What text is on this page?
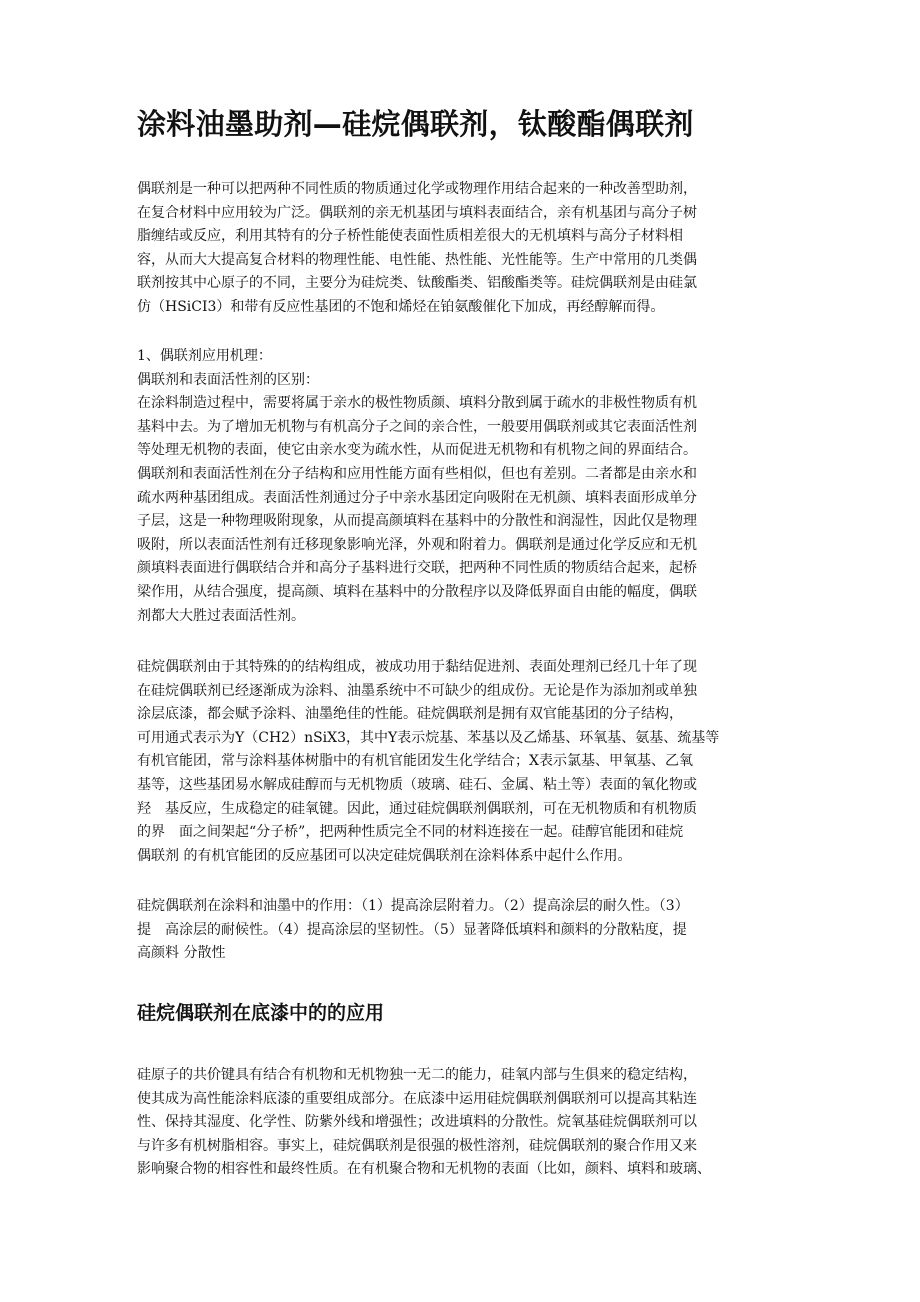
涂料油墨助剂—硅烷偶联剂，钛酸酯偶联剂
偶联剂是一种可以把两种不同性质的物质通过化学或物理作用结合起来的一种改善型助剂，
在复合材料中应用较为广泛。偶联剂的亲无机基团与填料表面结合，亲有机基团与高分子树
脂缠结或反应，利用其特有的分子桥性能使表面性质相差很大的无机填料与高分子材料相
容，从而大大提高复合材料的物理性能、电性能、热性能、光性能等。生产中常用的几类偶
联剂按其中心原子的不同，主要分为硅烷类、钛酸酯类、铝酸酯类等。硅烷偶联剂是由硅氯
仿（HSiCI3）和带有反应性基团的不饱和烯烃在铂氨酸催化下加成，再经醇解而得。
1、偶联剂应用机理：
偶联剂和表面活性剂的区别：
在涂料制造过程中，需要将属于亲水的极性物质颜、填料分散到属于疏水的非极性物质有机
基料中去。为了增加无机物与有机高分子之间的亲合性，一般要用偶联剂或其它表面活性剂
等处理无机物的表面，使它由亲水变为疏水性，从而促进无机物和有机物之间的界面结合。
偶联剂和表面活性剂在分子结构和应用性能方面有些相似，但也有差别。二者都是由亲水和
疏水两种基团组成。表面活性剂通过分子中亲水基团定向吸附在无机颜、填料表面形成单分
子层，这是一种物理吸附现象，从而提高颜填料在基料中的分散性和润湿性，因此仅是物理
吸附，所以表面活性剂有迁移现象影响光泽，外观和附着力。偶联剂是通过化学反应和无机
颜填料表面进行偶联结合并和高分子基料进行交联，把两种不同性质的物质结合起来，起桥
梁作用，从结合强度，提高颜、填料在基料中的分散程序以及降低界面自由能的幅度，偶联
剂都大大胜过表面活性剂。
硅烷偶联剂由于其特殊的的结构组成，被成功用于黏结促进剂、表面处理剂已经几十年了现
在硅烷偶联剂已经逐渐成为涂料、油墨系统中不可缺少的组成份。无论是作为添加剂或单独
涂层底漆，都会赋予涂料、油墨绝佳的性能。硅烷偶联剂是拥有双官能基团的分子结构，
可用通式表示为Y（CH2）nSiX3，其中Y表示烷基、苯基以及乙烯基、环氧基、氨基、巯基等
有机官能团，常与涂料基体树脂中的有机官能团发生化学结合；X表示氯基、甲氧基、乙氧
基等，这些基团易水解成硅醇而与无机物质（玻璃、硅石、金属、粘土等）表面的氧化物或
羟　基反应，生成稳定的硅氧键。因此，通过硅烷偶联剂偶联剂，可在无机物质和有机物质
的界　面之间架起“分子桥”，把两种性质完全不同的材料连接在一起。硅醇官能团和硅烷
偶联剂 的有机官能团的反应基团可以决定硅烷偶联剂在涂料体系中起什么作用。
硅烷偶联剂在涂料和油墨中的作用：（1）提高涂层附着力。（2）提高涂层的耐久性。（3）
提　高涂层的耐候性。（4）提高涂层的坚韧性。（5）显著降低填料和颜料的分散粘度，提
高颜料 分散性
硅烷偶联剂在底漆中的的应用
硅原子的共价键具有结合有机物和无机物独一无二的能力，硅氧内部与生俱来的稳定结构，
使其成为高性能涂料底漆的重要组成部分。在底漆中运用硅烷偶联剂偶联剂可以提高其粘连
性、保持其湿度、化学性、防紫外线和增强性；改进填料的分散性。烷氧基硅烷偶联剂可以
与许多有机树脂相容。事实上，硅烷偶联剂是很强的极性溶剂，硅烷偶联剂的聚合作用又来
影响聚合物的相容性和最终性质。在有机聚合物和无机物的表面（比如，颜料、填料和玻璃、
